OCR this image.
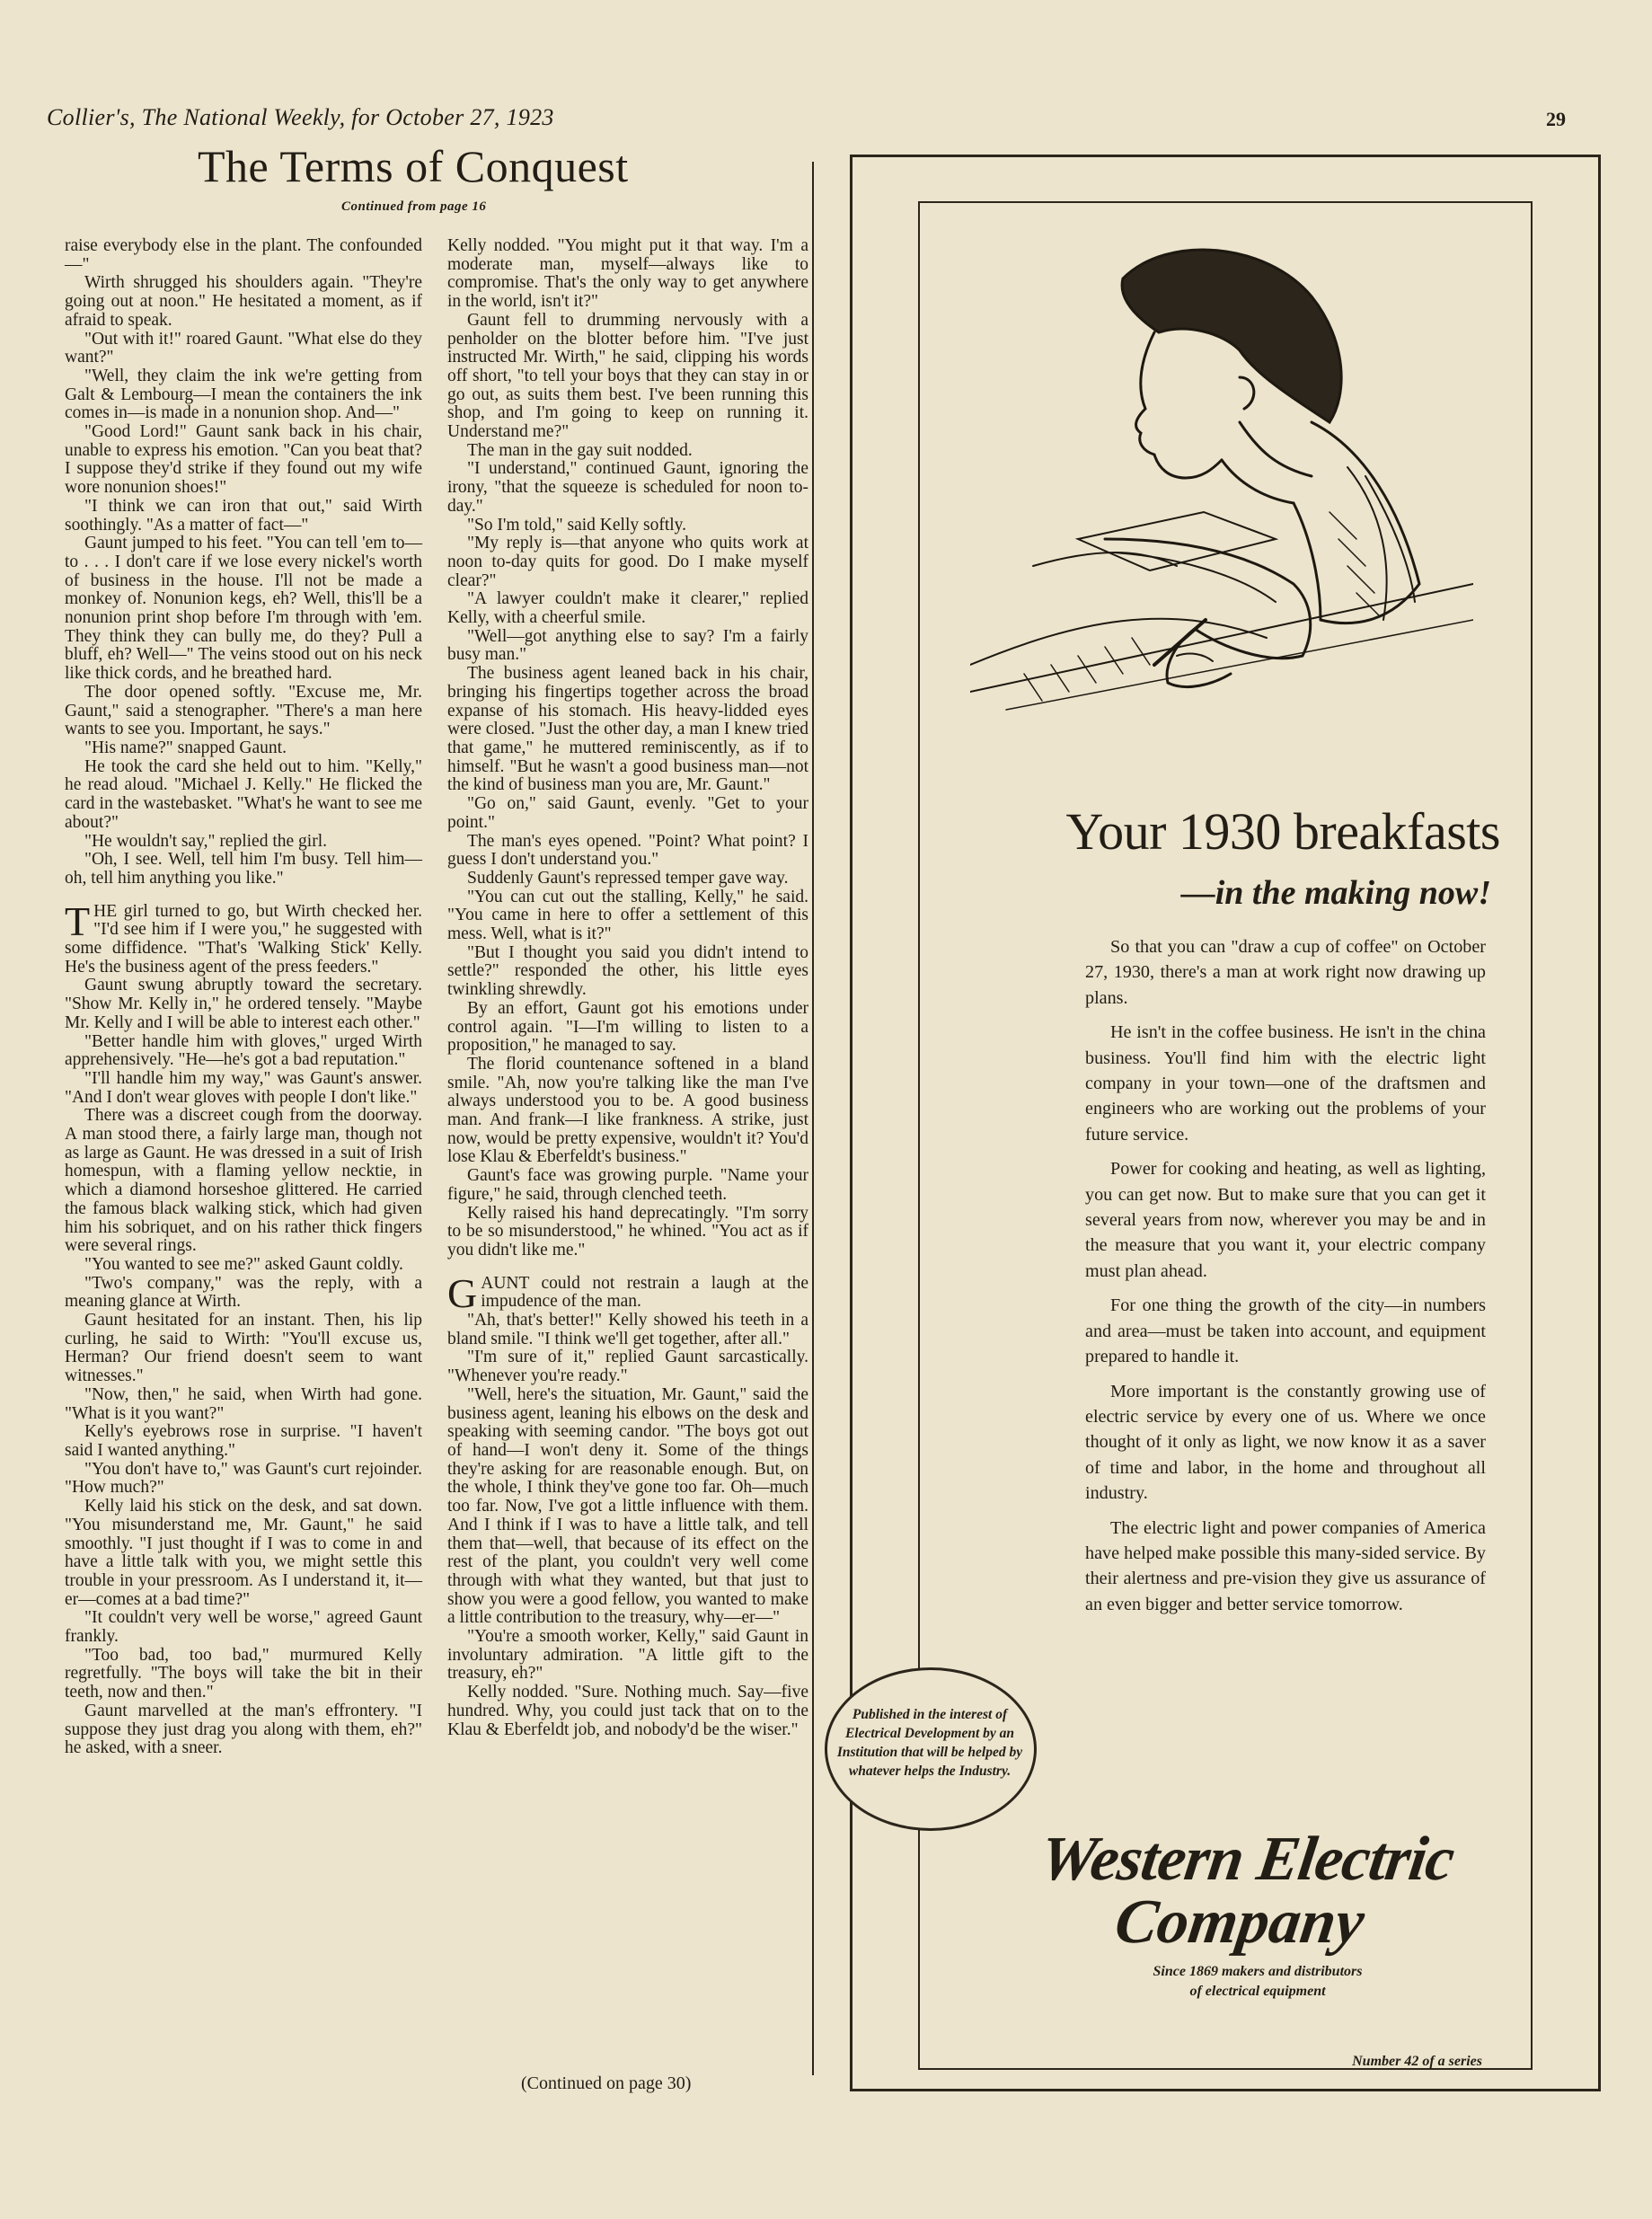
Collier's, The National Weekly, for October 27, 1923	29
The Terms of Conquest
Continued from page 16

raise everybody else in the plant. The confounded—"

Wirth shrugged his shoulders again. "They're going out at noon." He hesitated a moment, as if afraid to speak.

"Out with it!" roared Gaunt. "What else do they want?"

"Well, they claim the ink we're getting from Galt & Lembourg—I mean the containers the ink comes in—is made in a nonunion shop. And—"

"Good Lord!" Gaunt sank back in his chair, unable to express his emotion. "Can you beat that? I suppose they'd strike if they found out my wife wore nonunion shoes!"

"I think we can iron that out," said Wirth soothingly. "As a matter of fact—"

Gaunt jumped to his feet. "You can tell 'em to— to . . . I don't care if we lose every nickel's worth of business in the house. I'll not be made a monkey of. Nonunion kegs, eh? Well, this'll be a nonunion print shop before I'm through with 'em. They think they can bully me, do they? Pull a bluff, eh? Well—" The veins stood out on his neck like thick cords, and he breathed hard.

The door opened softly. "Excuse me, Mr. Gaunt," said a stenographer. "There's a man here wants to see you. Important, he says."

"His name?" snapped Gaunt.

He took the card she held out to him. "Kelly," he read aloud. "Michael J. Kelly." He flicked the card in the wastebasket. "What's he want to see me about?"

"He wouldn't say," replied the girl.

"Oh, I see. Well, tell him I'm busy. Tell him—oh, tell him anything you like."

THE girl turned to go, but Wirth checked her. "I'd see him if I were you," he suggested with some diffidence. "That's 'Walking Stick' Kelly. He's the business agent of the press feeders."

Gaunt swung abruptly toward the secretary. "Show Mr. Kelly in," he ordered tensely. "Maybe Mr. Kelly and I will be able to interest each other."

"Better handle him with gloves," urged Wirth apprehensively. "He—he's got a bad reputation."

"I'll handle him my way," was Gaunt's answer. "And I don't wear gloves with people I don't like."

There was a discreet cough from the doorway. A man stood there, a fairly large man, though not as large as Gaunt. He was dressed in a suit of Irish homespun, with a flaming yellow necktie, in which a diamond horseshoe glittered. He carried the famous black walking stick, which had given him his sobriquet, and on his rather thick fingers were several rings.

"You wanted to see me?" asked Gaunt coldly.

"Two's company," was the reply, with a meaning glance at Wirth.

Gaunt hesitated for an instant. Then, his lip curling, he said to Wirth: "You'll excuse us, Herman? Our friend doesn't seem to want witnesses."

"Now, then," he said, when Wirth had gone. "What is it you want?"

Kelly's eyebrows rose in surprise. "I haven't said I wanted anything."

"You don't have to," was Gaunt's curt rejoinder. "How much?"

Kelly laid his stick on the desk, and sat down. "You misunderstand me, Mr. Gaunt," he said smoothly. "I just thought if I was to come in and have a little talk with you, we might settle this trouble in your pressroom. As I understand it, it—er—comes at a bad time?"

"It couldn't very well be worse," agreed Gaunt frankly.

"Too bad, too bad," murmured Kelly regretfully. "The boys will take the bit in their teeth, now and then."

Gaunt marvelled at the man's effrontery. "I suppose they just drag you along with them, eh?" he asked, with a sneer.

Kelly nodded. "You might put it that way. I'm a moderate man, myself—always like to compromise. That's the only way to get anywhere in the world, isn't it?"

Gaunt fell to drumming nervously with a penholder on the blotter before him. "I've just instructed Mr. Wirth," he said, clipping his words off short, "to tell your boys that they can stay in or go out, as suits them best. I've been running this shop, and I'm going to keep on running it. Understand me?"

The man in the gay suit nodded.

"I understand," continued Gaunt, ignoring the irony, "that the squeeze is scheduled for noon to-day."

"So I'm told," said Kelly softly.

"My reply is—that anyone who quits work at noon to-day quits for good. Do I make myself clear?"

"A lawyer couldn't make it clearer," replied Kelly, with a cheerful smile.

"Well—got anything else to say? I'm a fairly busy man."

The business agent leaned back in his chair, bringing his fingertips together across the broad expanse of his stomach. His heavy-lidded eyes were closed. "Just the other day, a man I knew tried that game," he muttered reminiscently, as if to himself. "But he wasn't a good business man—not the kind of business man you are, Mr. Gaunt."

"Go on," said Gaunt, evenly. "Get to your point."

The man's eyes opened. "Point? What point? I guess I don't understand you."

Suddenly Gaunt's repressed temper gave way.

"You can cut out the stalling, Kelly," he said. "You came in here to offer a settlement of this mess. Well, what is it?"

"But I thought you said you didn't intend to settle?" responded the other, his little eyes twinkling shrewdly.

By an effort, Gaunt got his emotions under control again. "I—I'm willing to listen to a proposition," he managed to say.

The florid countenance softened in a bland smile. "Ah, now you're talking like the man I've always understood you to be. A good business man. And frank—I like frankness. A strike, just now, would be pretty expensive, wouldn't it? You'd lose Klau & Eberfeldt's business."

Gaunt's face was growing purple. "Name your figure," he said, through clenched teeth.

Kelly raised his hand deprecatingly. "I'm sorry to be so misunderstood," he whined. "You act as if you didn't like me."

GAUNT could not restrain a laugh at the impudence of the man.

"Ah, that's better!" Kelly showed his teeth in a bland smile. "I think we'll get together, after all."

"I'm sure of it," replied Gaunt sarcastically. "Whenever you're ready."

"Well, here's the situation, Mr. Gaunt," said the business agent, leaning his elbows on the desk and speaking with seeming candor. "The boys got out of hand—I won't deny it. Some of the things they're asking for are reasonable enough. But, on the whole, I think they've gone too far. Oh—much too far. Now, I've got a little influence with them. And I think if I was to have a little talk, and tell them that—well, that because of its effect on the rest of the plant, you couldn't very well come through with what they wanted, but that just to show you were a good fellow, you wanted to make a little contribution to the treasury, why—er—"

"You're a smooth worker, Kelly," said Gaunt in involuntary admiration. "A little gift to the treasury, eh?"

Kelly nodded. "Sure. Nothing much. Say—five hundred. Why, you could just tack that on to the Klau & Eberfeldt job, and nobody'd be the wiser."

(Continued on page 30)
Your 1930 breakfasts
—in the making now!

So that you can "draw a cup of coffee" on October 27, 1930, there's a man at work right now drawing up plans.

He isn't in the coffee business. He isn't in the china business. You'll find him with the electric light company in your town—one of the draftsmen and engineers who are working out the problems of your future service.

Power for cooking and heating, as well as lighting, you can get now. But to make sure that you can get it several years from now, wherever you may be and in the measure that you want it, your electric company must plan ahead.

For one thing the growth of the city—in numbers and area—must be taken into account, and equipment prepared to handle it.

More important is the constantly growing use of electric service by every one of us. Where we once thought of it only as light, we now know it as a saver of time and labor, in the home and throughout all industry.

The electric light and power companies of America have helped make possible this many-sided service. By their alertness and pre-vision they give us assurance of an even bigger and better service tomorrow.

Published in the interest of Electrical Development by an Institution that will be helped by whatever helps the Industry.
Western Electric
Company
Since 1869 makers and distributors
of electrical equipment
Number 42 of a series
